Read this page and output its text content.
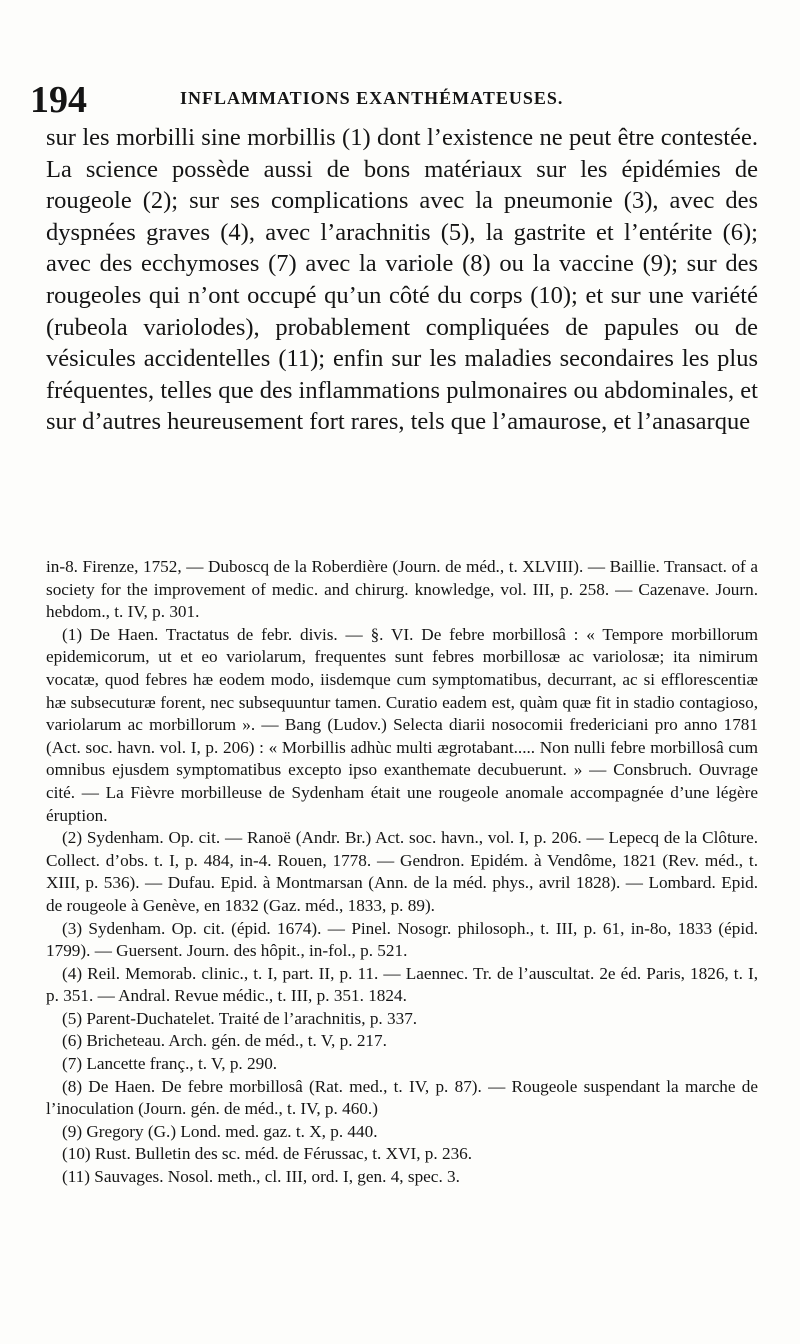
194	INFLAMMATIONS EXANTHÉMATEUSES.

sur les morbilli sine morbillis (1) dont l’existence ne peut être contestée. La science possède aussi de bons matériaux sur les épidémies de rougeole (2); sur ses complications avec la pneumonie (3), avec des dyspnées graves (4), avec l’arachnitis (5), la gastrite et l’entérite (6); avec des ecchymoses (7) avec la variole (8) ou la vaccine (9); sur des rougeoles qui n’ont occupé qu’un côté du corps (10); et sur une variété (rubeola variolodes), probablement compliquées de papules ou de vésicules accidentelles (11); enfin sur les maladies secondaires les plus fréquentes, telles que des inflammations pulmonaires ou abdominales, et sur d’autres heureusement fort rares, tels que l’amaurose, et l’anasarque

in-8. Firenze, 1752, — Duboscq de la Roberdière (Journ. de méd., t. XLVIII). — Baillie. Transact. of a society for the improvement of medic. and chirurg. knowledge, vol. III, p. 258. — Cazenave. Journ. hebdom., t. IV, p. 301.

(1) De Haen. Tractatus de febr. divis. — §. VI. De febre morbillosâ : « Tempore morbillorum epidemicorum, ut et eo variolarum, frequentes sunt febres morbillosæ ac variolosæ; ita nimirum vocatæ, quod febres hæ eodem modo, iisdemque cum symptomatibus, decurrant, ac si efflorescentiæ hæ subsecuturæ forent, nec subsequuntur tamen. Curatio eadem est, quàm quæ fit in stadio contagioso, variolarum ac morbillorum ». — Bang (Ludov.) Selecta diarii nosocomii fredericiani pro anno 1781 (Act. soc. havn. vol. I, p. 206) : « Morbillis adhùc multi ægrotabant..... Non nulli febre morbillosâ cum omnibus ejusdem symptomatibus excepto ipso exanthemate decubuerunt. » — Consbruch. Ouvrage cité. — La Fièvre morbilleuse de Sydenham était une rougeole anomale accompagnée d’une légère éruption.

(2) Sydenham. Op. cit. — Ranoë (Andr. Br.) Act. soc. havn., vol. I, p. 206. — Lepecq de la Clôture. Collect. d’obs. t. I, p. 484, in-4. Rouen, 1778. — Gendron. Epidém. à Vendôme, 1821 (Rev. méd., t. XIII, p. 536). — Dufau. Epid. à Montmarsan (Ann. de la méd. phys., avril 1828). — Lombard. Epid. de rougeole à Genève, en 1832 (Gaz. méd., 1833, p. 89).

(3) Sydenham. Op. cit. (épid. 1674). — Pinel. Nosogr. philosoph., t. III, p. 61, in-8o, 1833 (épid. 1799). — Guersent. Journ. des hôpit., in-fol., p. 521.

(4) Reil. Memorab. clinic., t. I, part. II, p. 11. — Laennec. Tr. de l’auscultat. 2e éd. Paris, 1826, t. I, p. 351. — Andral. Revue médic., t. III, p. 351. 1824.

(5) Parent-Duchatelet. Traité de l’arachnitis, p. 337.

(6) Bricheteau. Arch. gén. de méd., t. V, p. 217.

(7) Lancette franç., t. V, p. 290.

(8) De Haen. De febre morbillosâ (Rat. med., t. IV, p. 87). — Rougeole suspendant la marche de l’inoculation (Journ. gén. de méd., t. IV, p. 460.)

(9) Gregory (G.) Lond. med. gaz. t. X, p. 440.

(10) Rust. Bulletin des sc. méd. de Férussac, t. XVI, p. 236.

(11) Sauvages. Nosol. meth., cl. III, ord. I, gen. 4, spec. 3.
